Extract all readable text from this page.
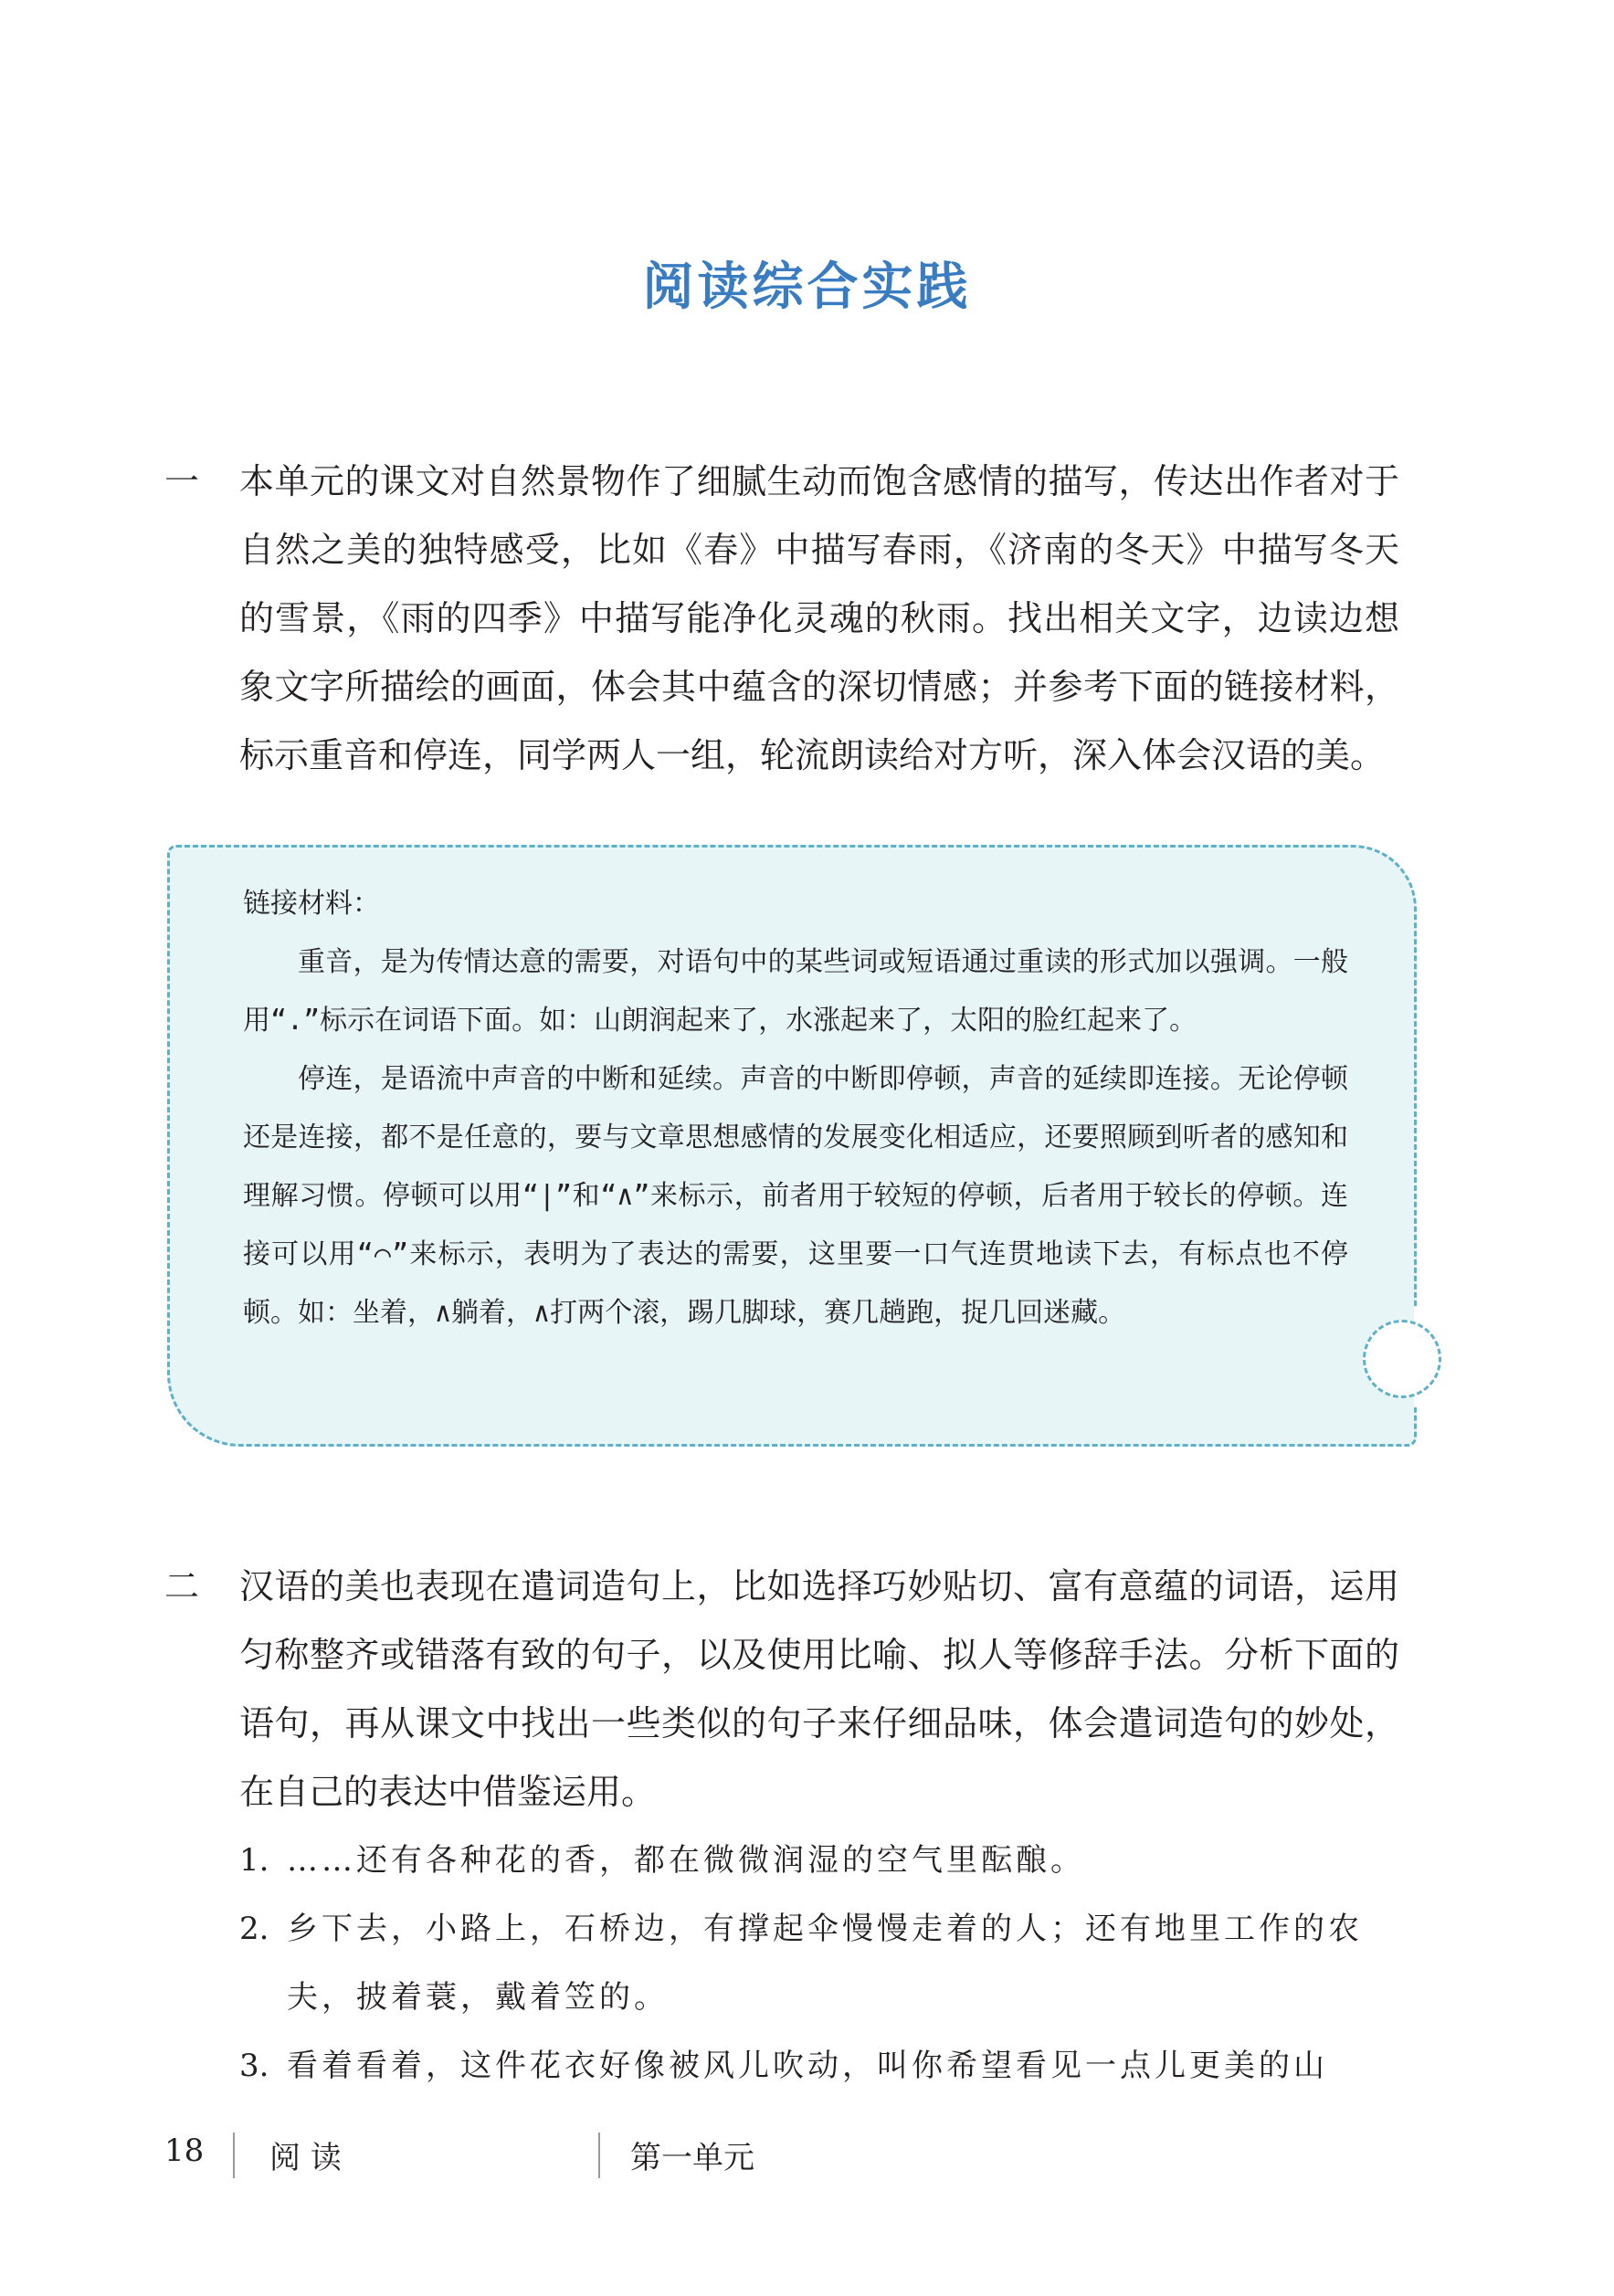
阅读综合实践
一 本单元的课文对自然景物作了细腻生动而饱含感情的描写，传达出作者对于自然之美的独特感受，比如《春》中描写春雨，《济南的冬天》中描写冬天的雪景，《雨的四季》中描写能净化灵魂的秋雨。找出相关文字，边读边想象文字所描绘的画面，体会其中蕴含的深切情感；并参考下面的链接材料，标示重音和停连，同学两人一组，轮流朗读给对方听，深入体会汉语的美。

链接材料：

重音，是为传情达意的需要，对语句中的某些词或短语通过重读的形式加以强调。一般用“.”标示在词语下面。如：山朗润起来了，水涨起来了，太阳的脸红起来了。

停连，是语流中声音的中断和延续。声音的中断即停顿，声音的延续即连接。无论停顿还是连接，都不是任意的，要与文章思想感情的发展变化相适应，还要照顾到听者的感知和理解习惯。停顿可以用“|”和“∧”来标示，前者用于较短的停顿，后者用于较长的停顿。连接可以用“⌒”来标示，表明为了表达的需要，这里要一口气连贯地读下去，有标点也不停顿。如：坐着，∧躺着，∧打两个滚，踢几脚球，赛几趟跑，捉几回迷藏。

二 汉语的美也表现在遣词造句上，比如选择巧妙贴切、富有意蕴的词语，运用匀称整齐或错落有致的句子，以及使用比喻、拟人等修辞手法。分析下面的语句，再从课文中找出一些类似的句子来仔细品味，体会遣词造句的妙处，在自己的表达中借鉴运用。

1. ……还有各种花的香，都在微微润湿的空气里酝酿。
2. 乡下去，小路上，石桥边，有撑起伞慢慢走着的人；还有地里工作的农夫，披着蓑，戴着笠的。
3. 看着看着，这件花衣好像被风儿吹动，叫你希望看见一点儿更美的山
18 阅 读	第一单元
